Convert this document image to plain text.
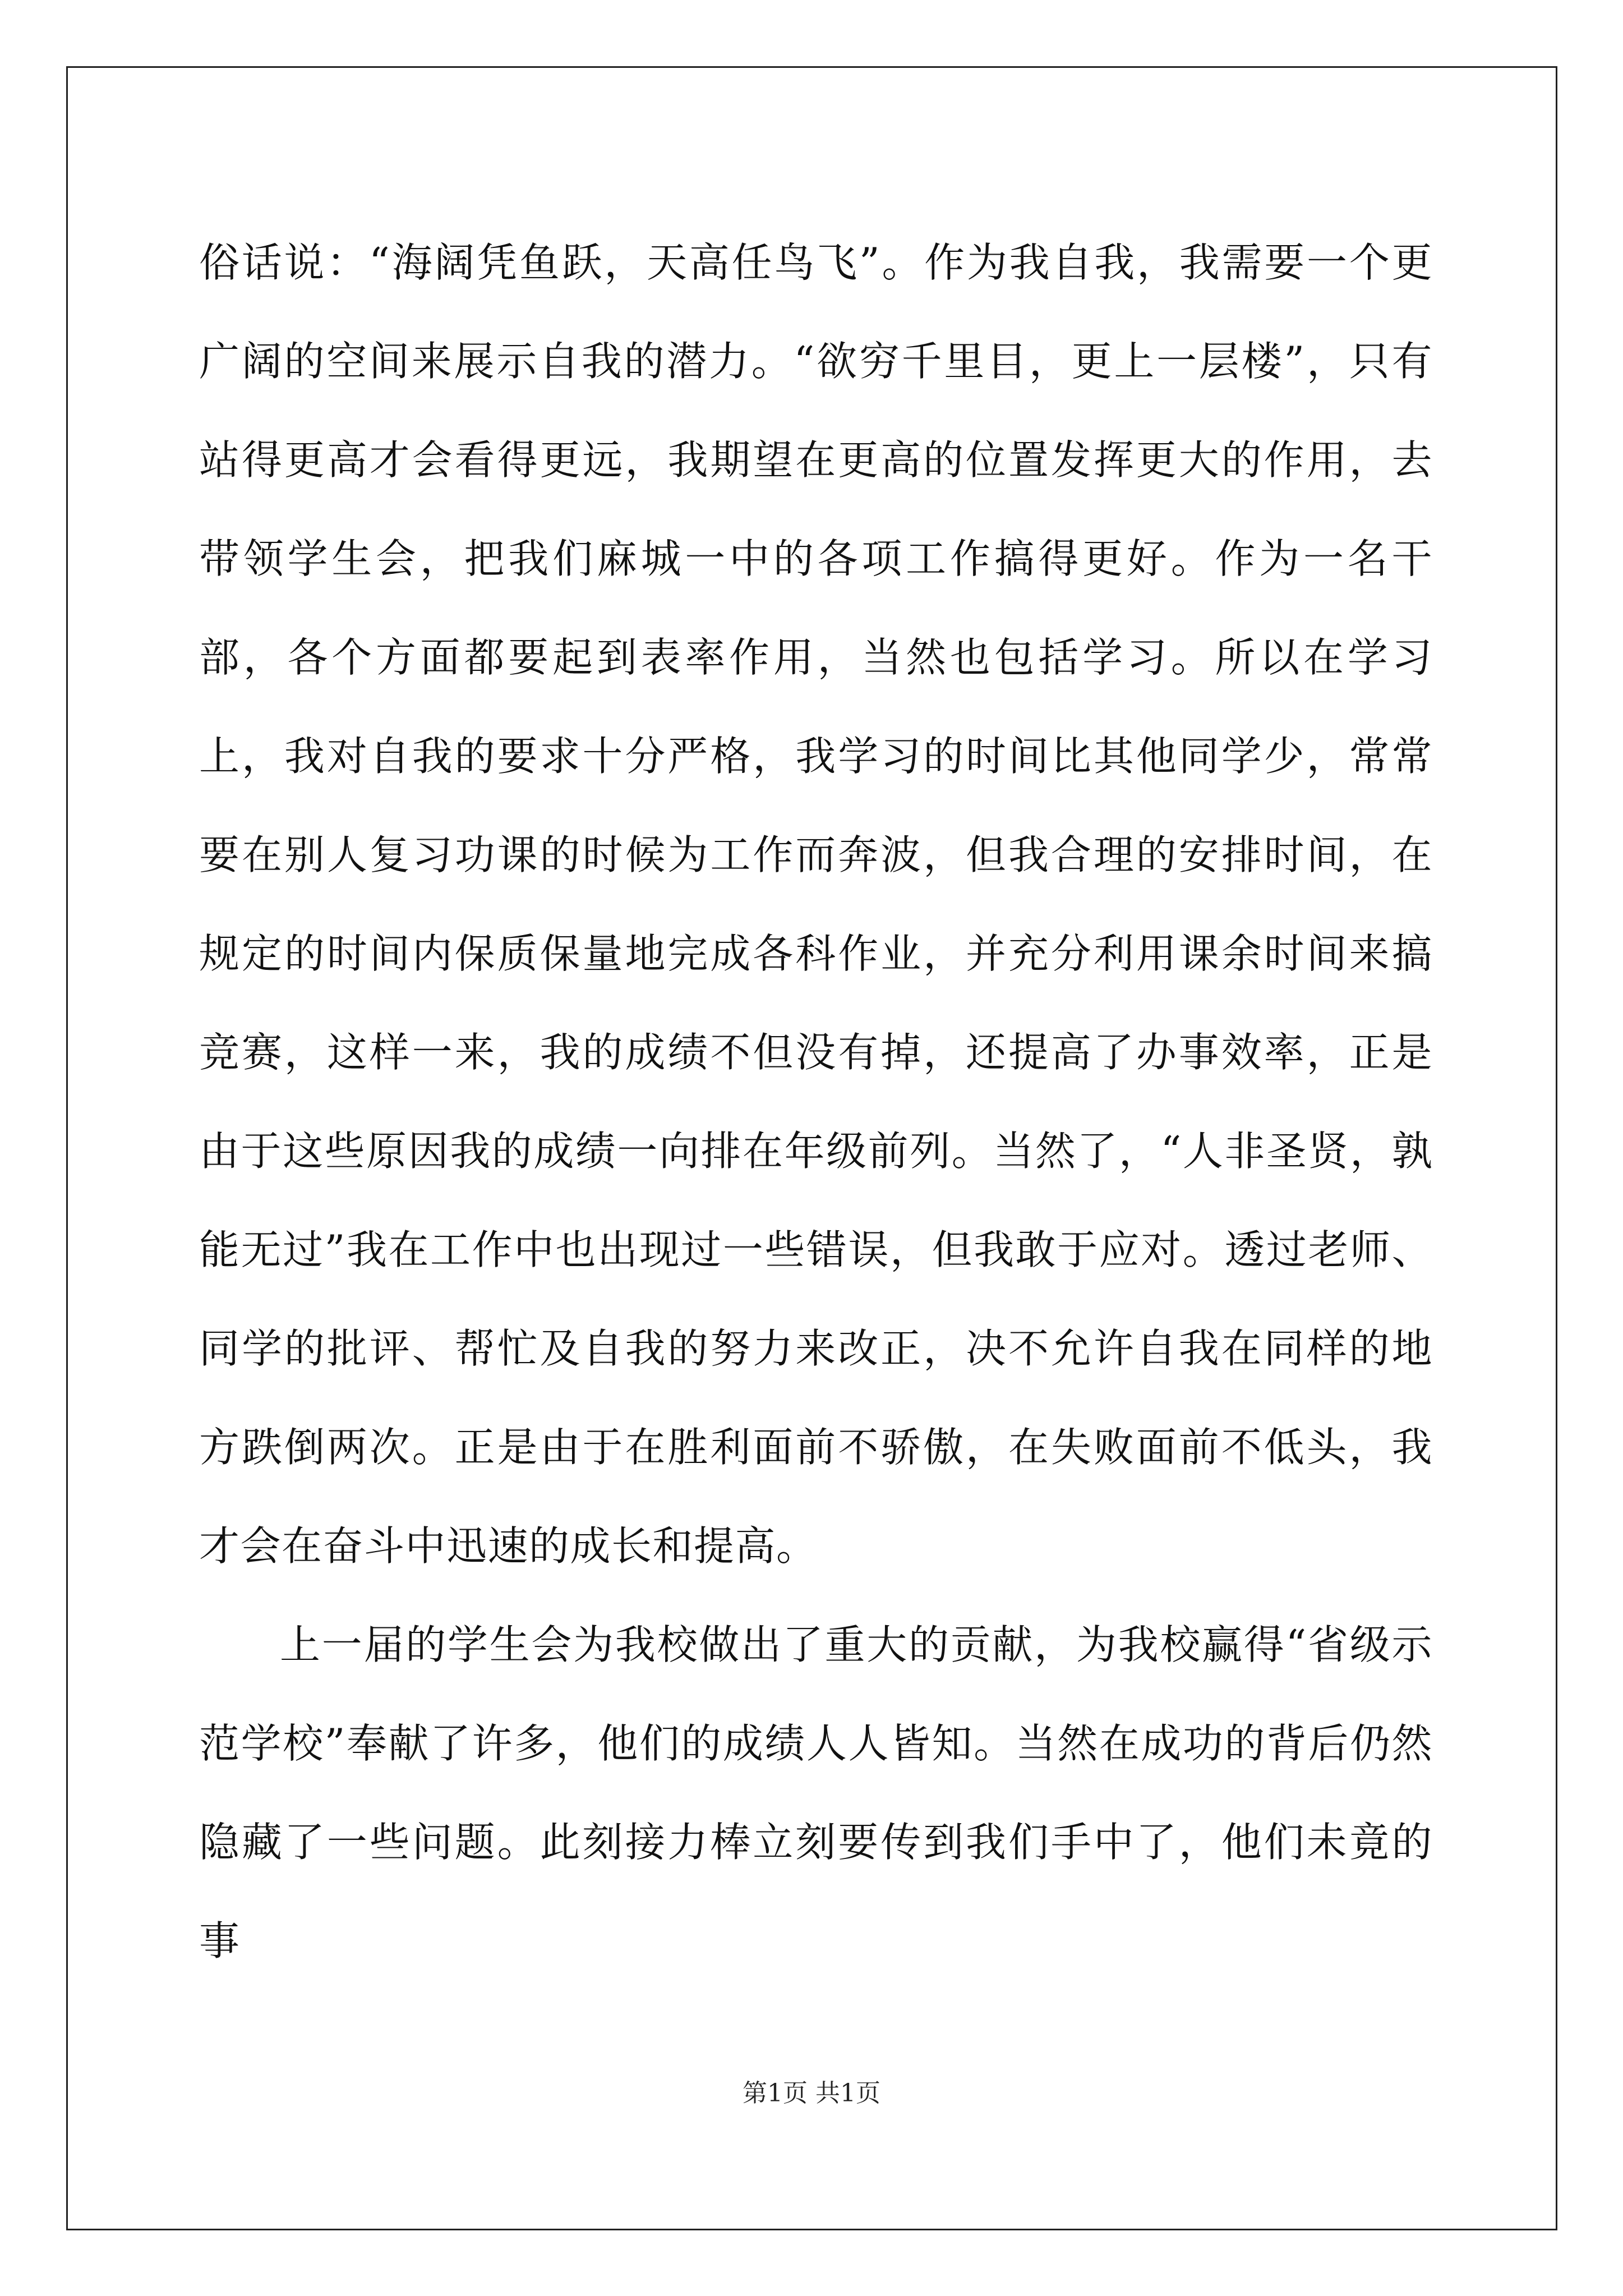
俗话说：“海阔凭鱼跃，天高任鸟飞”。作为我自我，我需要一个更广阔的空间来展示自我的潜力。“欲穷千里目，更上一层楼”，只有站得更高才会看得更远，我期望在更高的位置发挥更大的作用，去带领学生会，把我们麻城一中的各项工作搞得更好。作为一名干部，各个方面都要起到表率作用，当然也包括学习。所以在学习上，我对自我的要求十分严格，我学习的时间比其他同学少，常常要在别人复习功课的时候为工作而奔波，但我合理的安排时间，在规定的时间内保质保量地完成各科作业，并充分利用课余时间来搞竞赛，这样一来，我的成绩不但没有掉，还提高了办事效率，正是由于这些原因我的成绩一向排在年级前列。当然了，“人非圣贤，孰能无过”我在工作中也出现过一些错误，但我敢于应对。透过老师、同学的批评、帮忙及自我的努力来改正，决不允许自我在同样的地方跌倒两次。正是由于在胜利面前不骄傲，在失败面前不低头，我才会在奋斗中迅速的成长和提高。

上一届的学生会为我校做出了重大的贡献，为我校赢得“省级示范学校”奉献了许多，他们的成绩人人皆知。当然在成功的背后仍然隐藏了一些问题。此刻接力棒立刻要传到我们手中了，他们未竟的事

第1页 共1页
